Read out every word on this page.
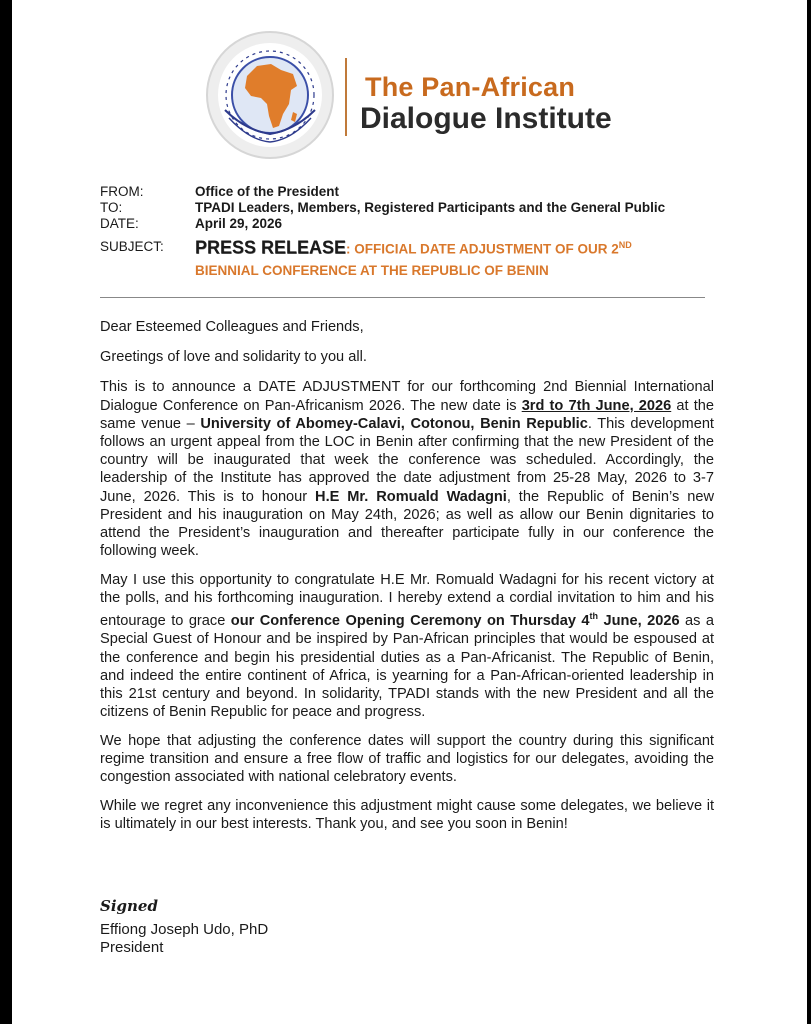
The Pan-African
Dialogue Institute
FROM:	Office of the President
TO:	TPADI Leaders, Members, Registered Participants and the General Public
DATE:	April 29, 2026
SUBJECT:	PRESS RELEASE: OFFICIAL DATE ADJUSTMENT OF OUR 2ND
BIENNIAL CONFERENCE AT THE REPUBLIC OF BENIN

Dear Esteemed Colleagues and Friends,

Greetings of love and solidarity to you all.

This is to announce a DATE ADJUSTMENT for our forthcoming 2nd Biennial International Dialogue Conference on Pan-Africanism 2026. The new date is 3rd to 7th June, 2026 at the same venue – University of Abomey-Calavi, Cotonou, Benin Republic. This development follows an urgent appeal from the LOC in Benin after confirming that the new President of the country will be inaugurated that week the conference was scheduled. Accordingly, the leadership of the Institute has approved the date adjustment from 25-28 May, 2026 to 3-7 June, 2026. This is to honour H.E Mr. Romuald Wadagni, the Republic of Benin’s new President and his inauguration on May 24th, 2026; as well as allow our Benin dignitaries to attend the President’s inauguration and thereafter participate fully in our conference the following week.

May I use this opportunity to congratulate H.E Mr. Romuald Wadagni for his recent victory at the polls, and his forthcoming inauguration. I hereby extend a cordial invitation to him and his entourage to grace our Conference Opening Ceremony on Thursday 4th June, 2026 as a Special Guest of Honour and be inspired by Pan-African principles that would be espoused at the conference and begin his presidential duties as a Pan-Africanist. The Republic of Benin, and indeed the entire continent of Africa, is yearning for a Pan-African-oriented leadership in this 21st century and beyond. In solidarity, TPADI stands with the new President and all the citizens of Benin Republic for peace and progress.

We hope that adjusting the conference dates will support the country during this significant regime transition and ensure a free flow of traffic and logistics for our delegates, avoiding the congestion associated with national celebratory events.

While we regret any inconvenience this adjustment might cause some delegates, we believe it is ultimately in our best interests. Thank you, and see you soon in Benin!

Signed
Effiong Joseph Udo, PhD
President
